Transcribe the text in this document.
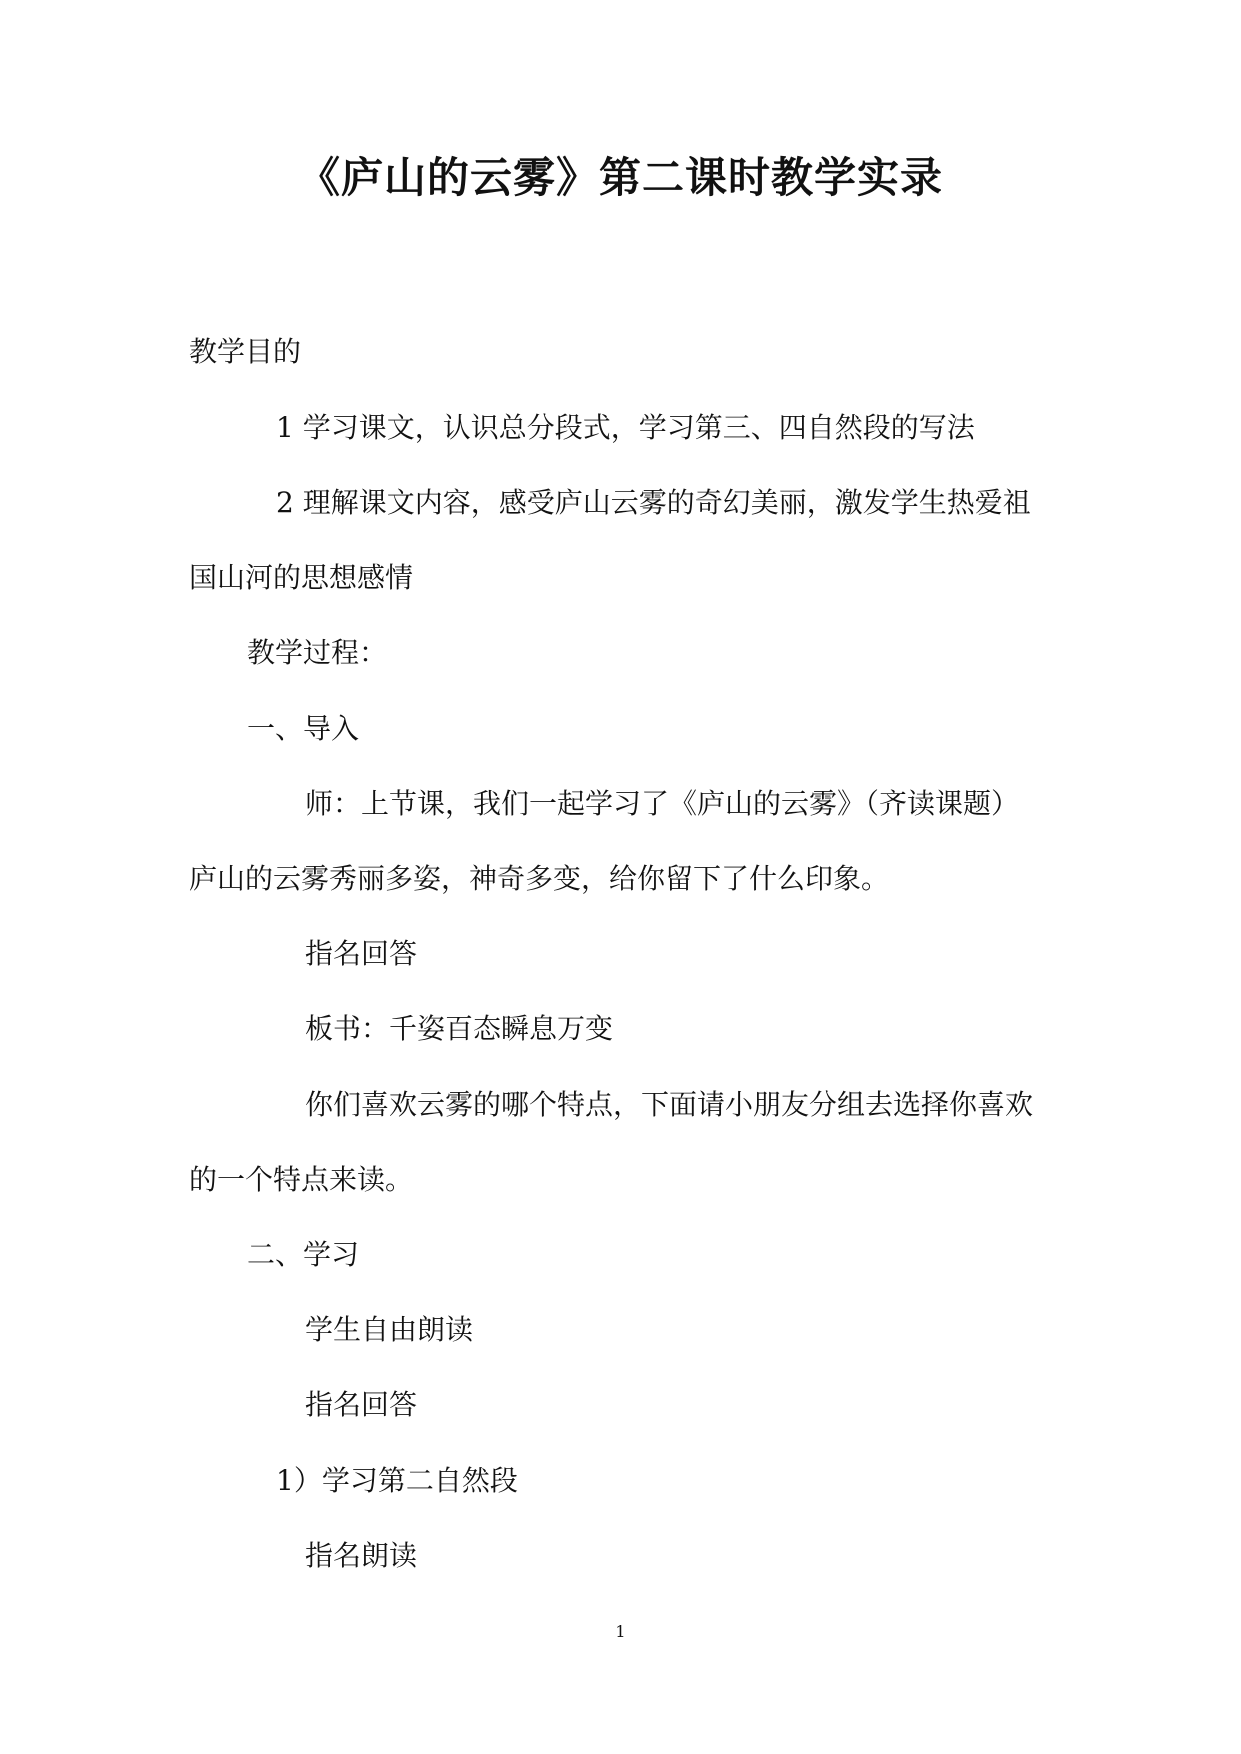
《庐山的云雾》第二课时教学实录
教学目的
1 学习课文，认识总分段式，学习第三、四自然段的写法
2 理解课文内容，感受庐山云雾的奇幻美丽，激发学生热爱祖
国山河的思想感情
教学过程：
一、导入
师：上节课，我们一起学习了《庐山的云雾》（齐读课题）
庐山的云雾秀丽多姿，神奇多变，给你留下了什么印象。
指名回答
板书：千姿百态瞬息万变
你们喜欢云雾的哪个特点，下面请小朋友分组去选择你喜欢
的一个特点来读。
二、学习
学生自由朗读
指名回答
1）学习第二自然段
指名朗读
1
